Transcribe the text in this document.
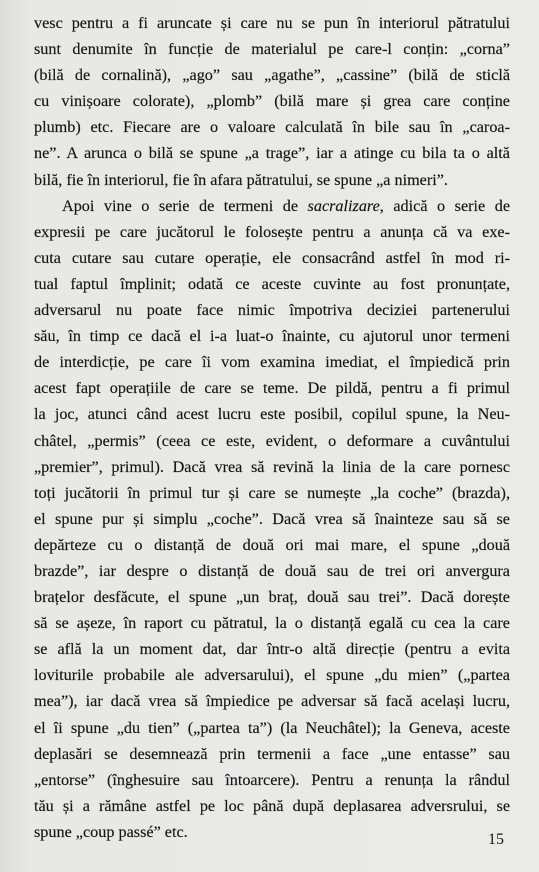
vesc pentru a fi aruncate și care nu se pun în interiorul pătratului
sunt denumite în funcție de materialul pe care-l conțin: „corna”
(bilă de cornalină), „ago” sau „agathe”, „cassine” (bilă de sticlă
cu vinișoare colorate), „plomb” (bilă mare și grea care conține
plumb) etc. Fiecare are o valoare calculată în bile sau în „caroa-
ne”. A arunca o bilă se spune „a trage”, iar a atinge cu bila ta o altă
bilă, fie în interiorul, fie în afara pătratului, se spune „a nimeri”.

Apoi vine o serie de termeni de sacralizare, adică o serie de
expresii pe care jucătorul le folosește pentru a anunța că va exe-
cuta cutare sau cutare operație, ele consacrând astfel în mod ri-
tual faptul împlinit; odată ce aceste cuvinte au fost pronunțate,
adversarul nu poate face nimic împotriva deciziei partenerului
său, în timp ce dacă el i-a luat-o înainte, cu ajutorul unor termeni
de interdicție, pe care îi vom examina imediat, el împiedică prin
acest fapt operațiile de care se teme. De pildă, pentru a fi primul
la joc, atunci când acest lucru este posibil, copilul spune, la Neu-
châtel, „permis” (ceea ce este, evident, o deformare a cuvântului
„premier”, primul). Dacă vrea să revină la linia de la care pornesc
toți jucătorii în primul tur și care se numește „la coche” (brazda),
el spune pur și simplu „coche”. Dacă vrea să înainteze sau să se
depărteze cu o distanță de două ori mai mare, el spune „două
brazde”, iar despre o distanță de două sau de trei ori anvergura
brațelor desfăcute, el spune „un braț, două sau trei”. Dacă dorește
să se așeze, în raport cu pătratul, la o distanță egală cu cea la care
se află la un moment dat, dar într-o altă direcție (pentru a evita
loviturile probabile ale adversarului), el spune „du mien” („partea
mea”), iar dacă vrea să împiedice pe adversar să facă același lucru,
el îi spune „du tien” („partea ta”) (la Neuchâtel); la Geneva, aceste
deplasări se desemnează prin termenii a face „une entasse” sau
„entorse” (înghesuire sau întoarcere). Pentru a renunța la rândul
tău și a rămâne astfel pe loc până după deplasarea adversrului, se
spune „coup passé” etc.	15
